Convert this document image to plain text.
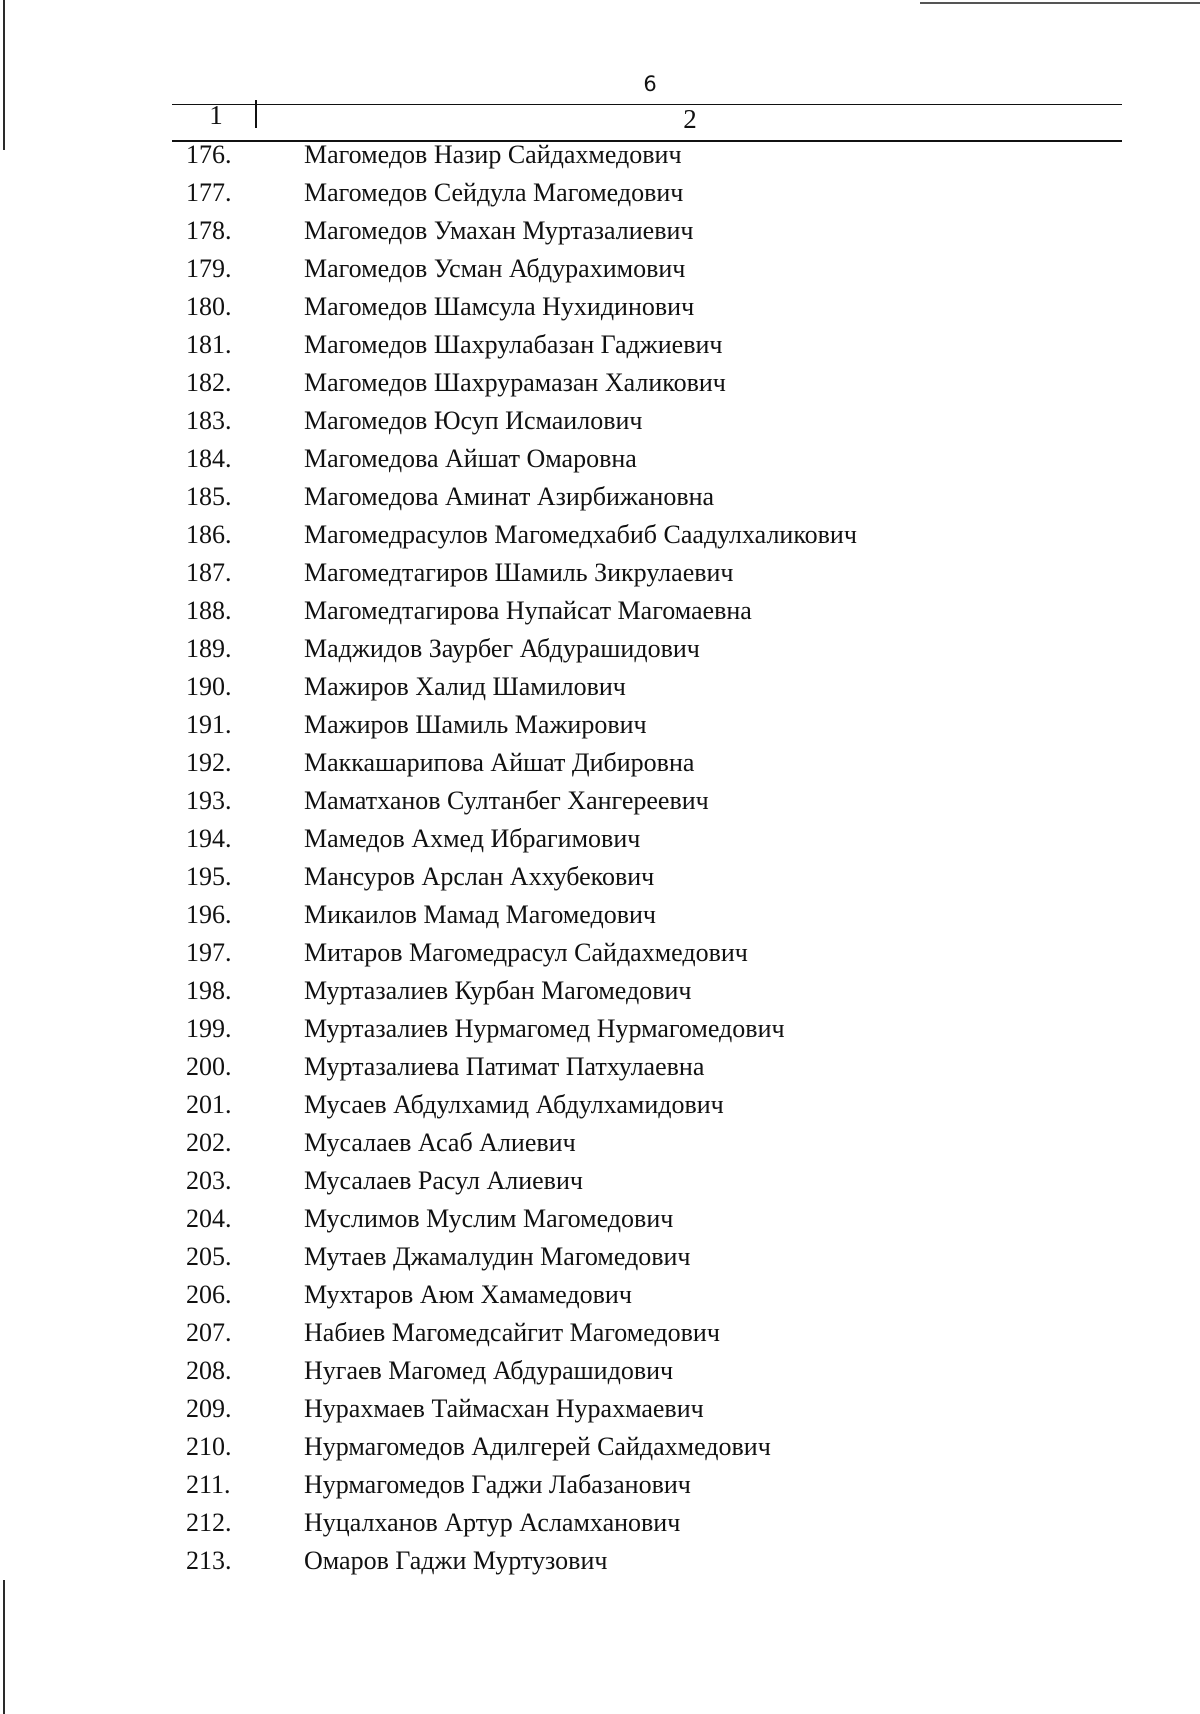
6
1	2
176.	Магомедов Назир Сайдахмедович
177.	Магомедов Сейдула Магомедович
178.	Магомедов Умахан Муртазалиевич
179.	Магомедов Усман Абдурахимович
180.	Магомедов Шамсула Нухидинович
181.	Магомедов Шахрулабазан Гаджиевич
182.	Магомедов Шахрурамазан Халикович
183.	Магомедов Юсуп Исмаилович
184.	Магомедова Айшат Омаровна
185.	Магомедова Аминат Азирбижановна
186.	Магомедрасулов Магомедхабиб Саадулхаликович
187.	Магомедтагиров Шамиль Зикрулаевич
188.	Магомедтагирова Нупайсат Магомаевна
189.	Маджидов Заурбег Абдурашидович
190.	Мажиров Халид Шамилович
191.	Мажиров Шамиль Мажирович
192.	Маккашарипова Айшат Дибировна
193.	Маматханов Султанбег Хангереевич
194.	Мамедов Ахмед Ибрагимович
195.	Мансуров Арслан Аххубекович
196.	Микаилов Мамад Магомедович
197.	Митаров Магомедрасул Сайдахмедович
198.	Муртазалиев Курбан Магомедович
199.	Муртазалиев Нурмагомед Нурмагомедович
200.	Муртазалиева Патимат Патхулаевна
201.	Мусаев Абдулхамид Абдулхамидович
202.	Мусалаев Асаб Алиевич
203.	Мусалаев Расул Алиевич
204.	Муслимов Муслим Магомедович
205.	Мутаев Джамалудин Магомедович
206.	Мухтаров Аюм Хамамедович
207.	Набиев Магомедсайгит Магомедович
208.	Нугаев Магомед Абдурашидович
209.	Нурахмаев Таймасхан Нурахмаевич
210.	Нурмагомедов Адилгерей Сайдахмедович
211.	Нурмагомедов Гаджи Лабазанович
212.	Нуцалханов Артур Асламханович
213.	Омаров Гаджи Муртузович
